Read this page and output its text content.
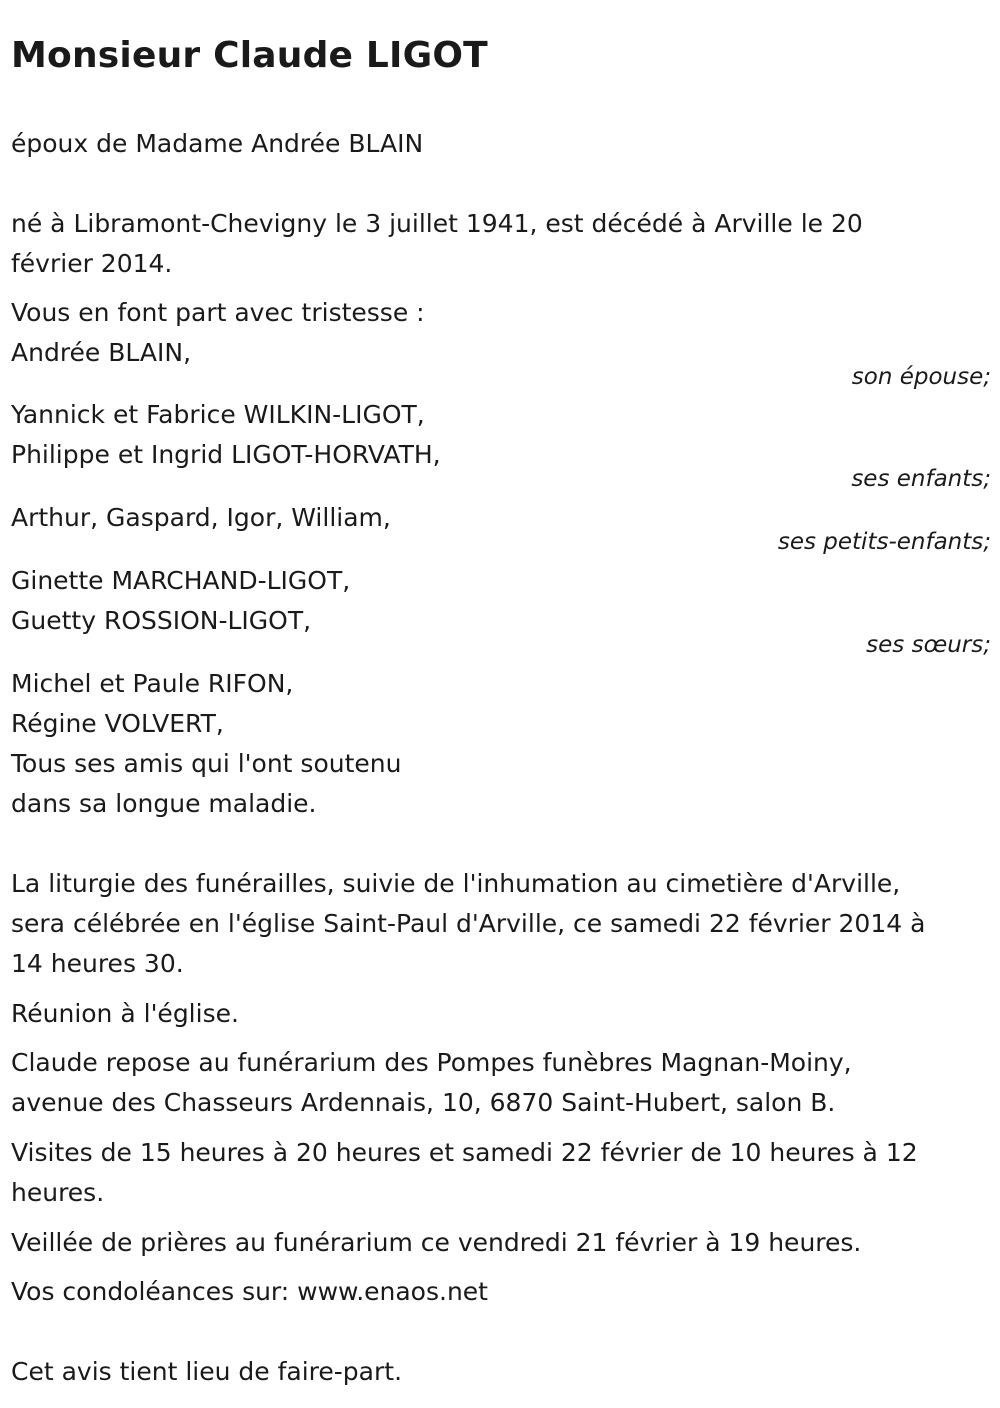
Monsieur Claude LIGOT
époux de Madame Andrée BLAIN
né à Libramont-Chevigny le 3 juillet 1941, est décédé à Arville le 20
février 2014.
Vous en font part avec tristesse :
Andrée BLAIN,
son épouse;
Yannick et Fabrice WILKIN-LIGOT,
Philippe et Ingrid LIGOT-HORVATH,
ses enfants;
Arthur, Gaspard, Igor, William,
ses petits-enfants;
Ginette MARCHAND-LIGOT,
Guetty ROSSION-LIGOT,
ses sœurs;
Michel et Paule RIFON,
Régine VOLVERT,
Tous ses amis qui l'ont soutenu
dans sa longue maladie.
La liturgie des funérailles, suivie de l'inhumation au cimetière d'Arville,
sera célébrée en l'église Saint-Paul d'Arville, ce samedi 22 février 2014 à
14 heures 30.
Réunion à l'église.
Claude repose au funérarium des Pompes funèbres Magnan-Moiny,
avenue des Chasseurs Ardennais, 10, 6870 Saint-Hubert, salon B.
Visites de 15 heures à 20 heures et samedi 22 février de 10 heures à 12
heures.
Veillée de prières au funérarium ce vendredi 21 février à 19 heures.
Vos condoléances sur: www.enaos.net
Cet avis tient lieu de faire-part.
